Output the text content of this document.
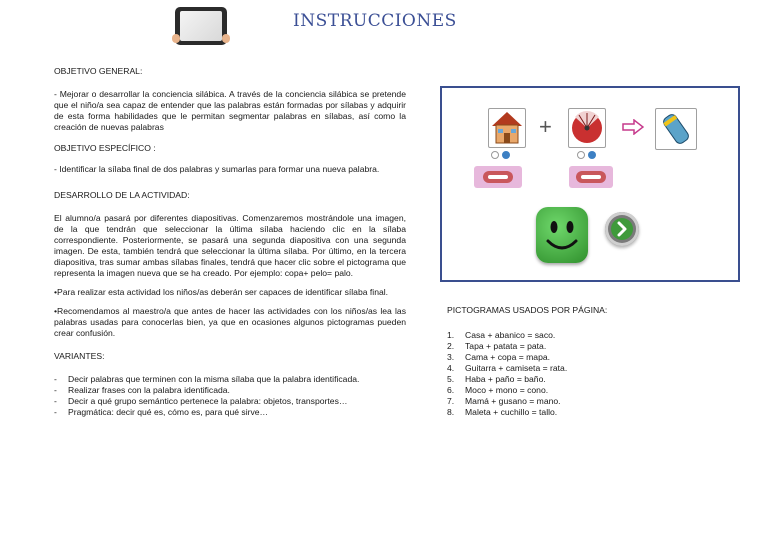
INSTRUCCIONES

OBJETIVO GENERAL:

- Mejorar o desarrollar la conciencia silábica. A través de la conciencia silábica se pretende que el niño/a sea capaz de entender que las palabras están formadas por sílabas y adquirir de esta forma habilidades que le permitan segmentar palabras en sílabas, así como la creación de nuevas palabras

OBJETIVO ESPECÍFICO :

- Identificar la sílaba final de dos palabras y sumarlas para formar una nueva palabra.

DESARROLLO DE LA ACTIVIDAD:

El alumno/a pasará por diferentes diapositivas. Comenzaremos mostrándole una imagen, de la que tendrán que seleccionar la última sílaba haciendo clic en la sílaba correspondiente. Posteriormente, se pasará una segunda diapositiva con una segunda imagen. De esta, también tendrá que seleccionar la última sílaba. Por último, en la tercera diapositiva, tras sumar ambas sílabas finales, tendrá que hacer clic sobre el pictograma que representa la imagen nueva que se ha creado. Por ejemplo: copa+ pelo= palo.

•Para realizar esta actividad los niños/as deberán ser capaces de identificar sílaba final.

•Recomendamos al maestro/a que antes de hacer las actividades con los niños/as lea las palabras usadas para conocerlas bien, ya que en ocasiones algunos pictogramas pueden crear confusión.

VARIANTES:

- Decir palabras que terminen con la misma sílaba que la palabra identificada.
- Realizar frases con la palabra identificada.
- Decir a qué grupo semántico pertenece la palabra: objetos, transportes…
- Pragmática: decir qué es, cómo es, para qué sirve…
+

PICTOGRAMAS USADOS POR PÁGINA:

1.	Casa + abanico = saco.
2.	Tapa + patata = pata.
3.	Cama + copa = mapa.
4.	Guitarra + camiseta = rata.
5.	Haba + paño = baño.
6.	Moco + mono = cono.
7.	Mamá + gusano = mano.
8.	Maleta + cuchillo = tallo.
